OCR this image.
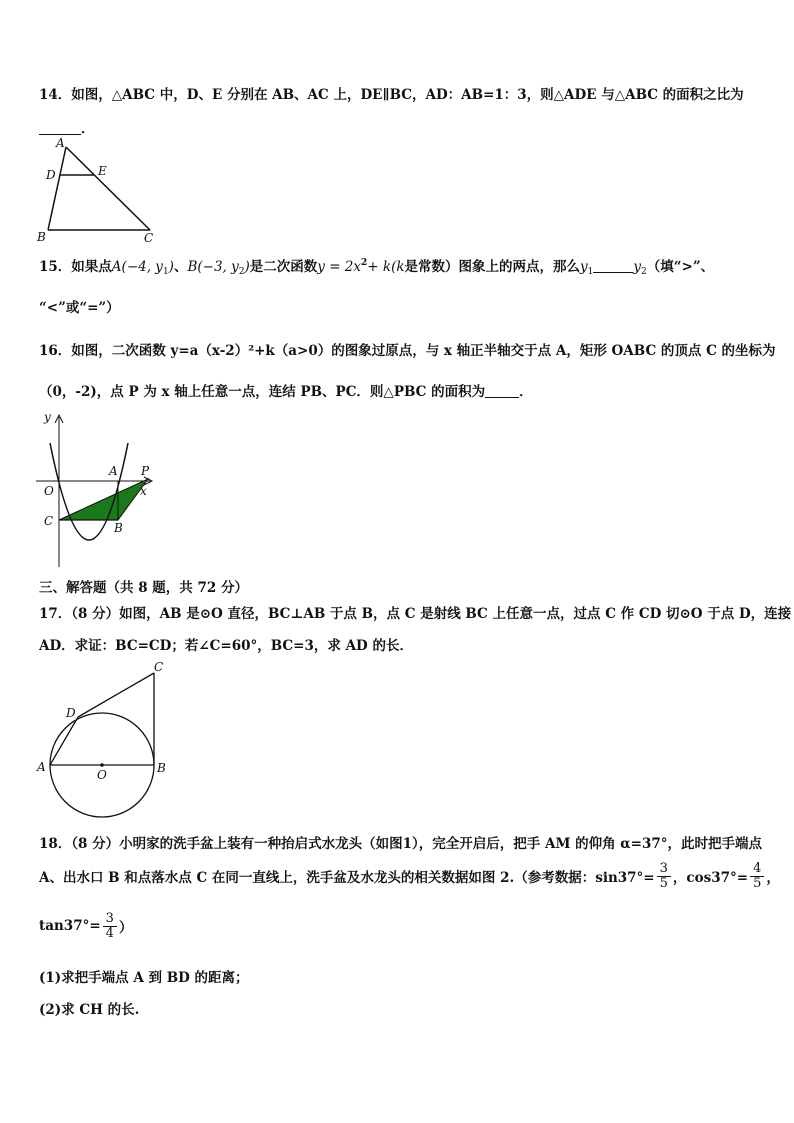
14．如图，△ABC 中，D、E 分别在 AB、AC 上，DE∥BC，AD：AB=1：3，则△ADE 与△ABC 的面积之比为
．
A
D	E
B	C
15．如果点A(−4, $y_1$)、B(−3, $y_2$)是二次函数$y = 2x^2+ k(k$是常数）图象上的两点，那么$y_1$	$y_2$（填“>”、
“<”或“=”）
16．如图，二次函数 y=a（x-2）²+k（a>0）的图象过原点，与 x 轴正半轴交于点 A，矩形 OABC 的顶点 C 的坐标为
（0，-2)，点 P 为 x 轴上任意一点，连结 PB、PC．则△PBC 的面积为	．
y
x
O
A P
C	B
三、解答题（共 8 题，共 72 分）
17．（8 分）如图，AB 是⊙O 直径，BC⊥AB 于点 B，点 C 是射线 BC 上任意一点，过点 C 作 CD 切⊙O 于点 D，连接
AD．求证：BC=CD；若∠C=60°，BC=3，求 AD 的长．
C
D
A
O	B
18．（8 分）小明家的洗手盆上装有一种抬启式水龙头（如图1），完全开启后，把手 AM 的仰角 α=37°，此时把手端点
A、出水口 B 和点落水点 C 在同一直线上，洗手盆及水龙头的相关数据如图 2.（参考数据：$\sin 37^\circ= \frac{3}{5}$ ，$\cos 37^\circ= \frac{4}{5}$ ，
$\tan 37^\circ= \frac{3}{4}$ ）
(1)求把手端点 A 到 BD 的距离；
(2)求 CH 的长.
